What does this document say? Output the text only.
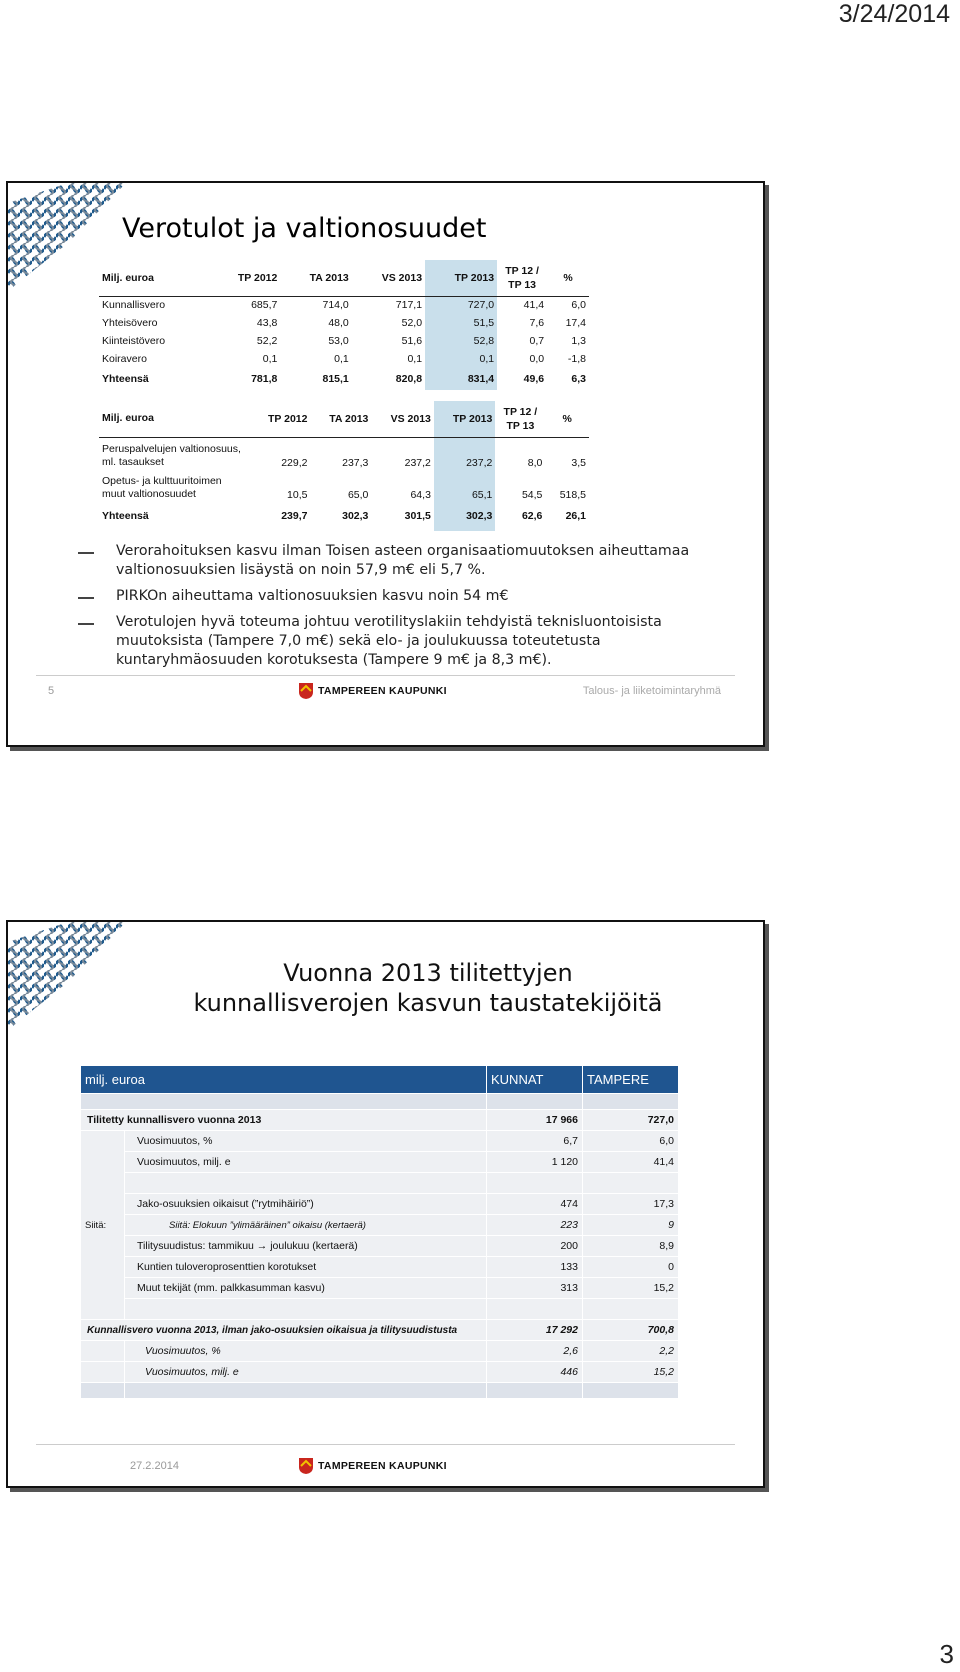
3/24/2014
Verotulot ja valtionosuudet
Milj. euroa	TP 2012	TA 2013	VS 2013	TP 2013	TP 12 / TP 13	%
Kunnallisvero	685,7	714,0	717,1	727,0	41,4	6,0
Yhteisövero	43,8	48,0	52,0	51,5	7,6	17,4
Kiinteistövero	52,2	53,0	51,6	52,8	0,7	1,3
Koiravero	0,1	0,1	0,1	0,1	0,0	-1,8
Yhteensä	781,8	815,1	820,8	831,4	49,6	6,3
Milj. euroa	TP 2012	TA 2013	VS 2013	TP 2013	TP 12 / TP 13	%
Peruspalvelujen valtionosuus, ml. tasaukset	229,2	237,3	237,2	237,2	8,0	3,5
Opetus- ja kulttuuritoimen muut valtionosuudet	10,5	65,0	64,3	65,1	54,5	518,5
Yhteensä	239,7	302,3	301,5	302,3	62,6	26,1
Verorahoituksen kasvu ilman Toisen asteen organisaatiomuutoksen aiheuttamaa valtionosuuksien lisäystä on noin 57,9 m€ eli 5,7 %.
PIRKOn aiheuttama valtionosuuksien kasvu noin 54 m€
Verotulojen hyvä toteuma johtuu verotilityslakiin tehdyistä teknisluontoisista muutoksista (Tampere 7,0 m€) sekä elo- ja joulukuussa toteutetusta kuntaryhmäosuuden korotuksesta (Tampere 9 m€ ja 8,3 m€).
5	TAMPEREEN KAUPUNKI	Talous- ja liiketoimintaryhmä
Vuonna 2013 tilitettyjen kunnallisverojen kasvun taustatekijöitä
milj. euroa		KUNNAT	TAMPERE

Tilitetty kunnallisvero vuonna 2013		17 966	727,0
Siitä:	Vuosimuutos, %	6,7	6,0
	Vuosimuutos, milj. e	1 120	41,4

	Jako-osuuksien oikaisut (”rytmihäiriö”)	474	17,3
	Siitä: Elokuun ”ylimääräinen” oikaisu (kertaerä)	223	9
	Tilitysuudistus: tammikuu → joulukuu (kertaerä)	200	8,9
	Kuntien tuloveroprosenttien korotukset	133	0
	Muut tekijät (mm. palkkasumman kasvu)	313	15,2

Kunnallisvero vuonna 2013, ilman jako-osuuksien oikaisua ja tilitysuudistusta		17 292	700,8
	Vuosimuutos, %	2,6	2,2
	Vuosimuutos, milj. e	446	15,2

27.2.2014	TAMPEREEN KAUPUNKI
3
